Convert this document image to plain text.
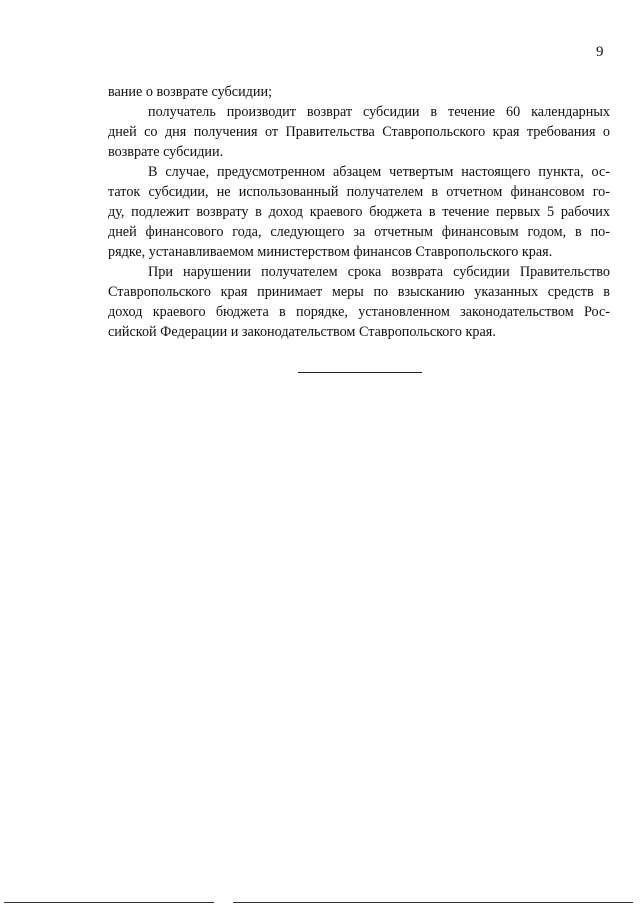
9
вание о возврате субсидии;
получатель производит возврат субсидии в течение 60 календарных
дней со дня получения от Правительства Ставропольского края требования о
возврате субсидии.
В случае, предусмотренном абзацем четвертым настоящего пункта, ос-
таток субсидии, не использованный получателем в отчетном финансовом го-
ду, подлежит возврату в доход краевого бюджета в течение первых 5 рабочих
дней финансового года, следующего за отчетным финансовым годом, в по-
рядке, устанавливаемом министерством финансов Ставропольского края.
При нарушении получателем срока возврата субсидии Правительство
Ставропольского края принимает меры по взысканию указанных средств в
доход краевого бюджета в порядке, установленном законодательством Рос-
сийской Федерации и законодательством Ставропольского края.
